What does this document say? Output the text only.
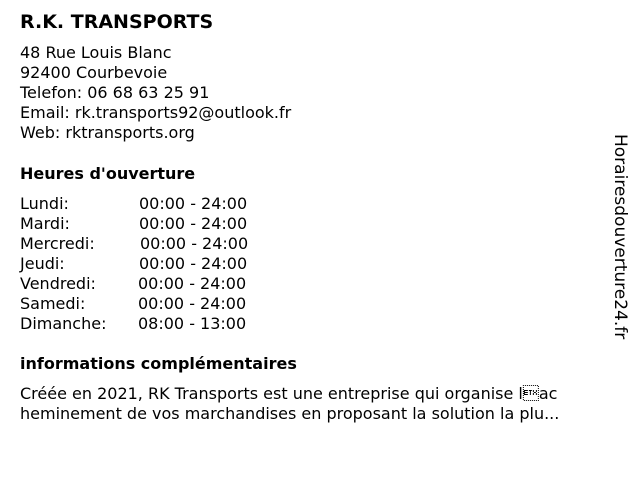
R.K. TRANSPORTS
48 Rue Louis Blanc
92400 Courbevoie
Telefon: 06 68 63 25 91
Email: rk.transports92@outlook.fr
Web: rktransports.org
Heures d'ouverture
Lundi:	00:00 - 24:00
Mardi:	00:00 - 24:00
Mercredi:	00:00 - 24:00
Jeudi:	00:00 - 24:00
Vendredi:	00:00 - 24:00
Samedi:	00:00 - 24:00
Dimanche: 08:00 - 13:00
informations complémentaires
Créée en 2021, RK Transports est une entreprise qui organise lac
heminement de vos marchandises en proposant la solution la plu...
Horairesdouverture24.fr
